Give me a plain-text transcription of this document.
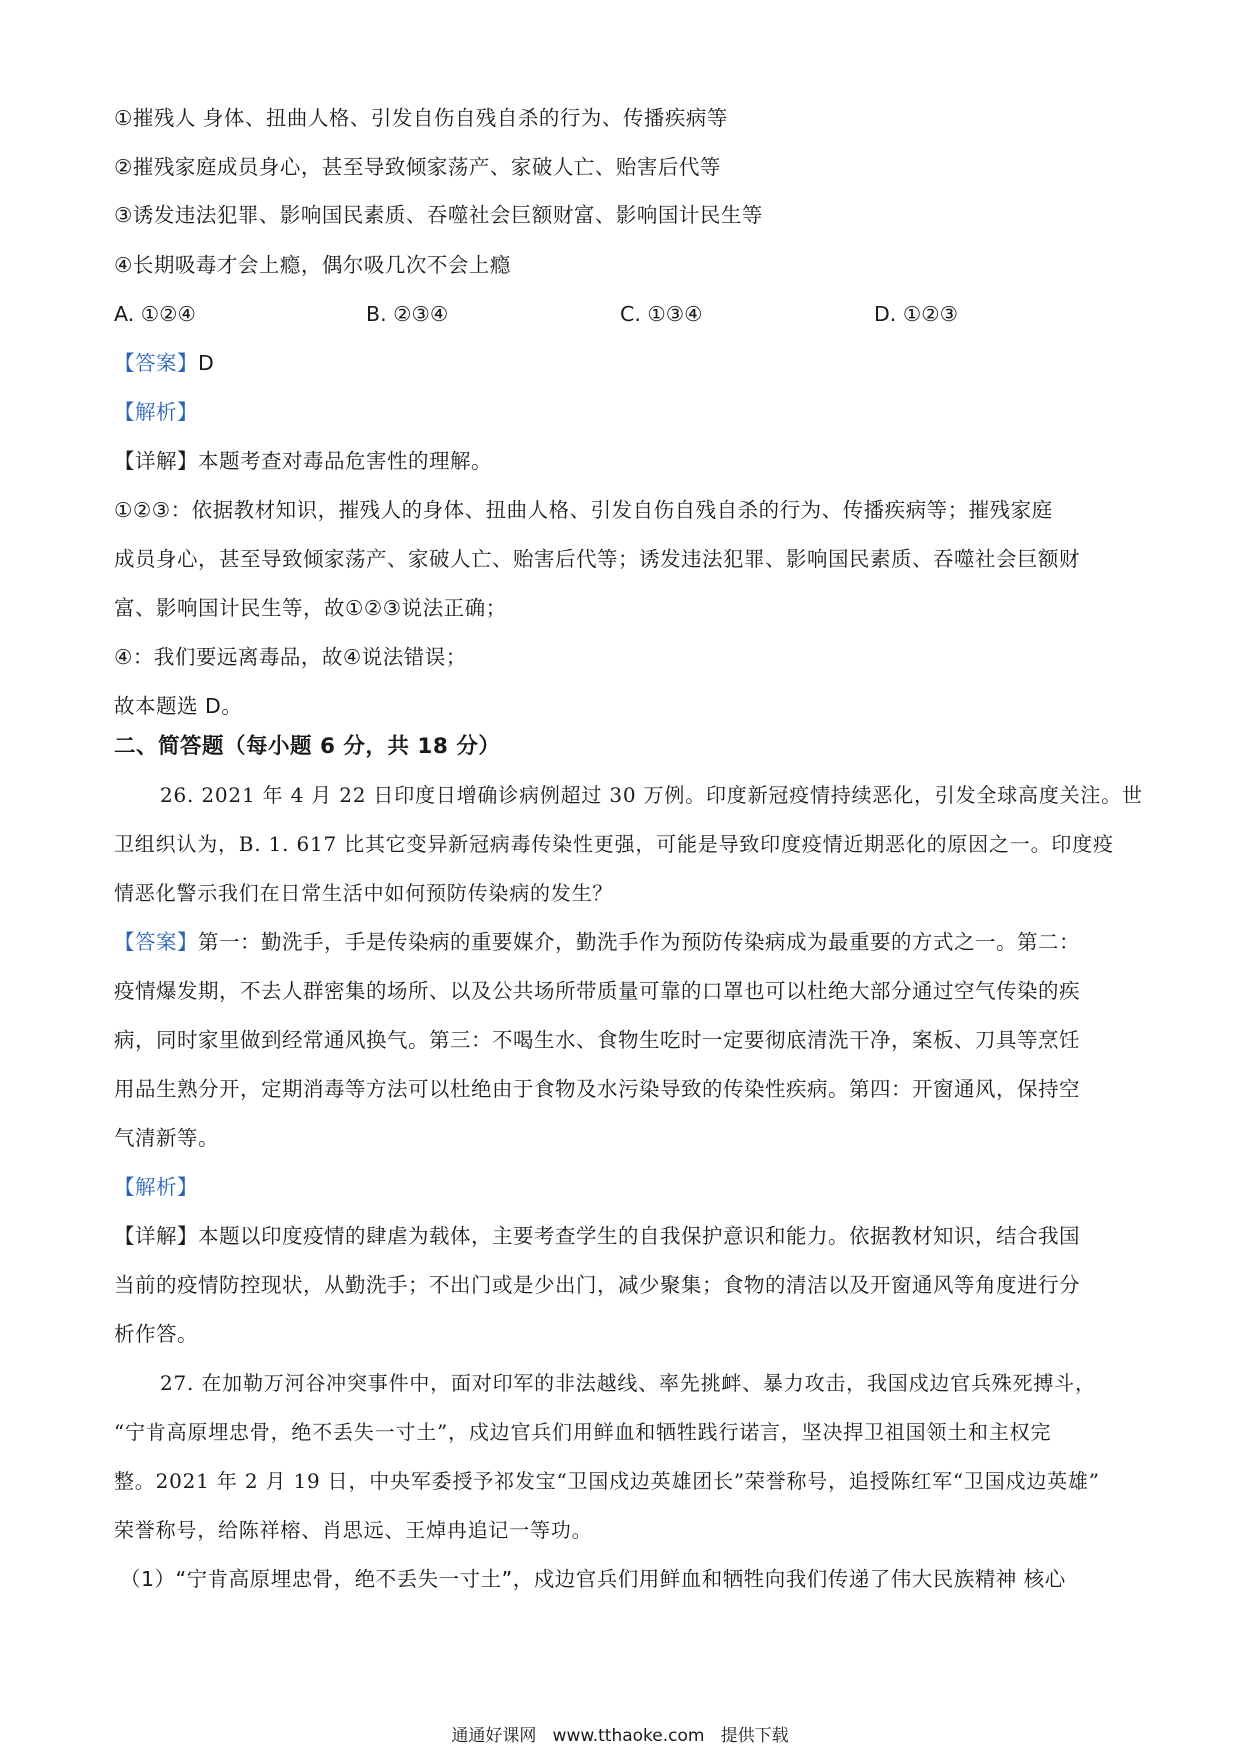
①摧残人 身体、扭曲人格、引发自伤自残自杀的行为、传播疾病等
②摧残家庭成员身心，甚至导致倾家荡产、家破人亡、贻害后代等
③诱发违法犯罪、影响国民素质、吞噬社会巨额财富、影响国计民生等
④长期吸毒才会上瘾，偶尔吸几次不会上瘾
A. ①②④	B. ②③④	C. ①③④	D. ①②③
【答案】D
【解析】
【详解】本题考查对毒品危害性的理解。
①②③：依据教材知识，摧残人的身体、扭曲人格、引发自伤自残自杀的行为、传播疾病等；摧残家庭
成员身心，甚至导致倾家荡产、家破人亡、贻害后代等；诱发违法犯罪、影响国民素质、吞噬社会巨额财
富、影响国计民生等，故①②③说法正确；
④：我们要远离毒品，故④说法错误；
故本题选 D。
二、简答题（每小题 6 分，共 18 分）
26. 2021 年 4 月 22 日印度日增确诊病例超过 30 万例。印度新冠疫情持续恶化，引发全球高度关注。世
卫组织认为，B. 1. 617 比其它变异新冠病毒传染性更强，可能是导致印度疫情近期恶化的原因之一。印度疫
情恶化警示我们在日常生活中如何预防传染病的发生？
【答案】第一：勤洗手，手是传染病的重要媒介，勤洗手作为预防传染病成为最重要的方式之一。第二：
疫情爆发期，不去人群密集的场所、以及公共场所带质量可靠的口罩也可以杜绝大部分通过空气传染的疾
病，同时家里做到经常通风换气。第三：不喝生水、食物生吃时一定要彻底清洗干净，案板、刀具等烹饪
用品生熟分开，定期消毒等方法可以杜绝由于食物及水污染导致的传染性疾病。第四：开窗通风，保持空
气清新等。
【解析】
【详解】本题以印度疫情的肆虐为载体，主要考查学生的自我保护意识和能力。依据教材知识，结合我国
当前的疫情防控现状，从勤洗手；不出门或是少出门，减少聚集；食物的清洁以及开窗通风等角度进行分
析作答。
27. 在加勒万河谷冲突事件中，面对印军的非法越线、率先挑衅、暴力攻击，我国戍边官兵殊死搏斗，
“宁肯高原埋忠骨，绝不丢失一寸土”，戍边官兵们用鲜血和牺牲践行诺言，坚决捍卫祖国领土和主权完
整。2021 年 2 月 19 日，中央军委授予祁发宝“卫国戍边英雄团长”荣誉称号，追授陈红军“卫国戍边英雄”
荣誉称号，给陈祥榕、肖思远、王焯冉追记一等功。
（1）“宁肯高原埋忠骨，绝不丢失一寸土”，戍边官兵们用鲜血和牺牲向我们传递了伟大民族精神 核心
通通好课网   www.tthaoke.com   提供下载
